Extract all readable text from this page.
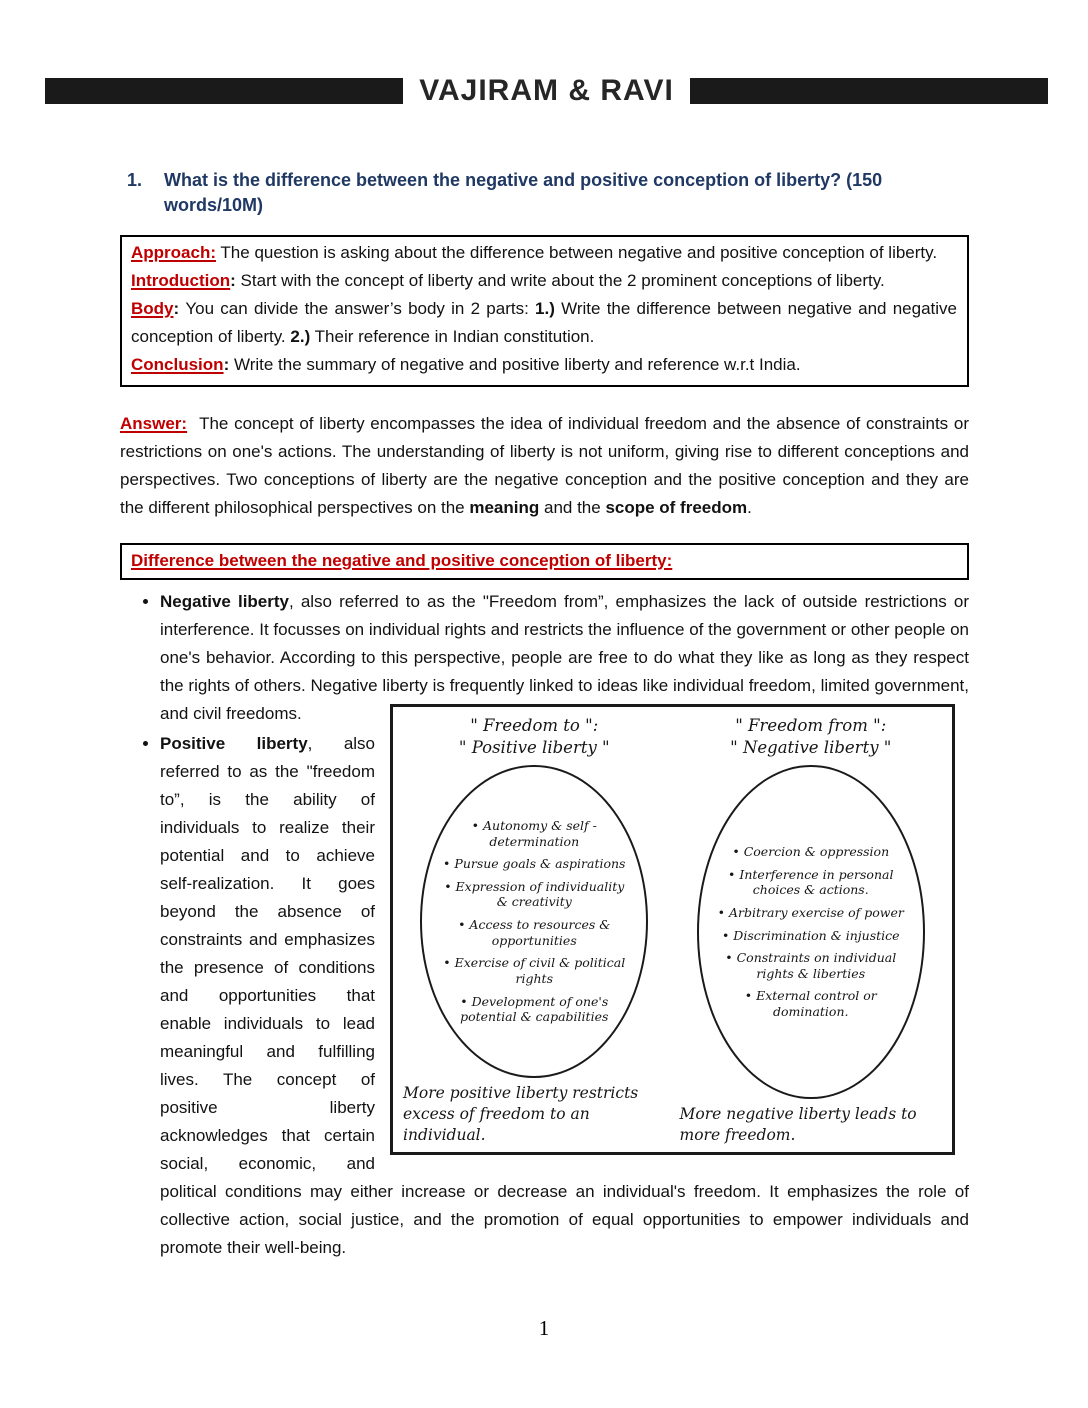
VAJIRAM & RAVI
1. What is the difference between the negative and positive conception of liberty? (150 words/10M)

Approach: The question is asking about the difference between negative and positive conception of liberty.

Introduction: Start with the concept of liberty and write about the 2 prominent conceptions of liberty.

Body: You can divide the answer’s body in 2 parts: 1.) Write the difference between negative and negative conception of liberty. 2.) Their reference in Indian constitution.

Conclusion: Write the summary of negative and positive liberty and reference w.r.t India.

Answer: The concept of liberty encompasses the idea of individual freedom and the absence of constraints or restrictions on one's actions. The understanding of liberty is not uniform, giving rise to different conceptions and perspectives. Two conceptions of liberty are the negative conception and the positive conception and they are the different philosophical perspectives on the meaning and the scope of freedom.
Difference between the negative and positive conception of liberty:
• Negative liberty, also referred to as the "Freedom from”, emphasizes the lack of outside restrictions or interference. It focusses on individual rights and restricts the influence of the government or other people on one's behavior. According to this perspective, people are free to do what they like as long as they respect the rights of others. Negative liberty is frequently linked to ideas like individual
" Freedom to ":
" Positive liberty "
• Autonomy & self - determination
• Pursue goals & aspirations
• Expression of individuality & creativity
• Access to resources & opportunities
• Exercise of civil & political rights
• Development of one's potential & capabilities
More positive liberty restricts excess of freedom to an individual.
" Freedom from ":
" Negative liberty "
• Coercion & oppression
• Interference in personal choices & actions.
• Arbitrary exercise of power
• Discrimination & injustice
• Constraints on individual rights & liberties
• External control or domination.
More negative liberty leads to more freedom.
freedom, limited government, and civil freedoms.
• Positive liberty, also referred to as the "freedom to”, is the ability of individuals to realize their potential and to achieve self-realization. It goes beyond the absence of constraints and emphasizes the presence of conditions and opportunities that enable individuals to lead meaningful and fulfilling lives. The concept of positive liberty acknowledges that certain social, economic, and political conditions may either increase or decrease an individual's freedom. It emphasizes the role of collective action, social justice, and the promotion of equal opportunities to empower individuals and promote their well-being.
1
